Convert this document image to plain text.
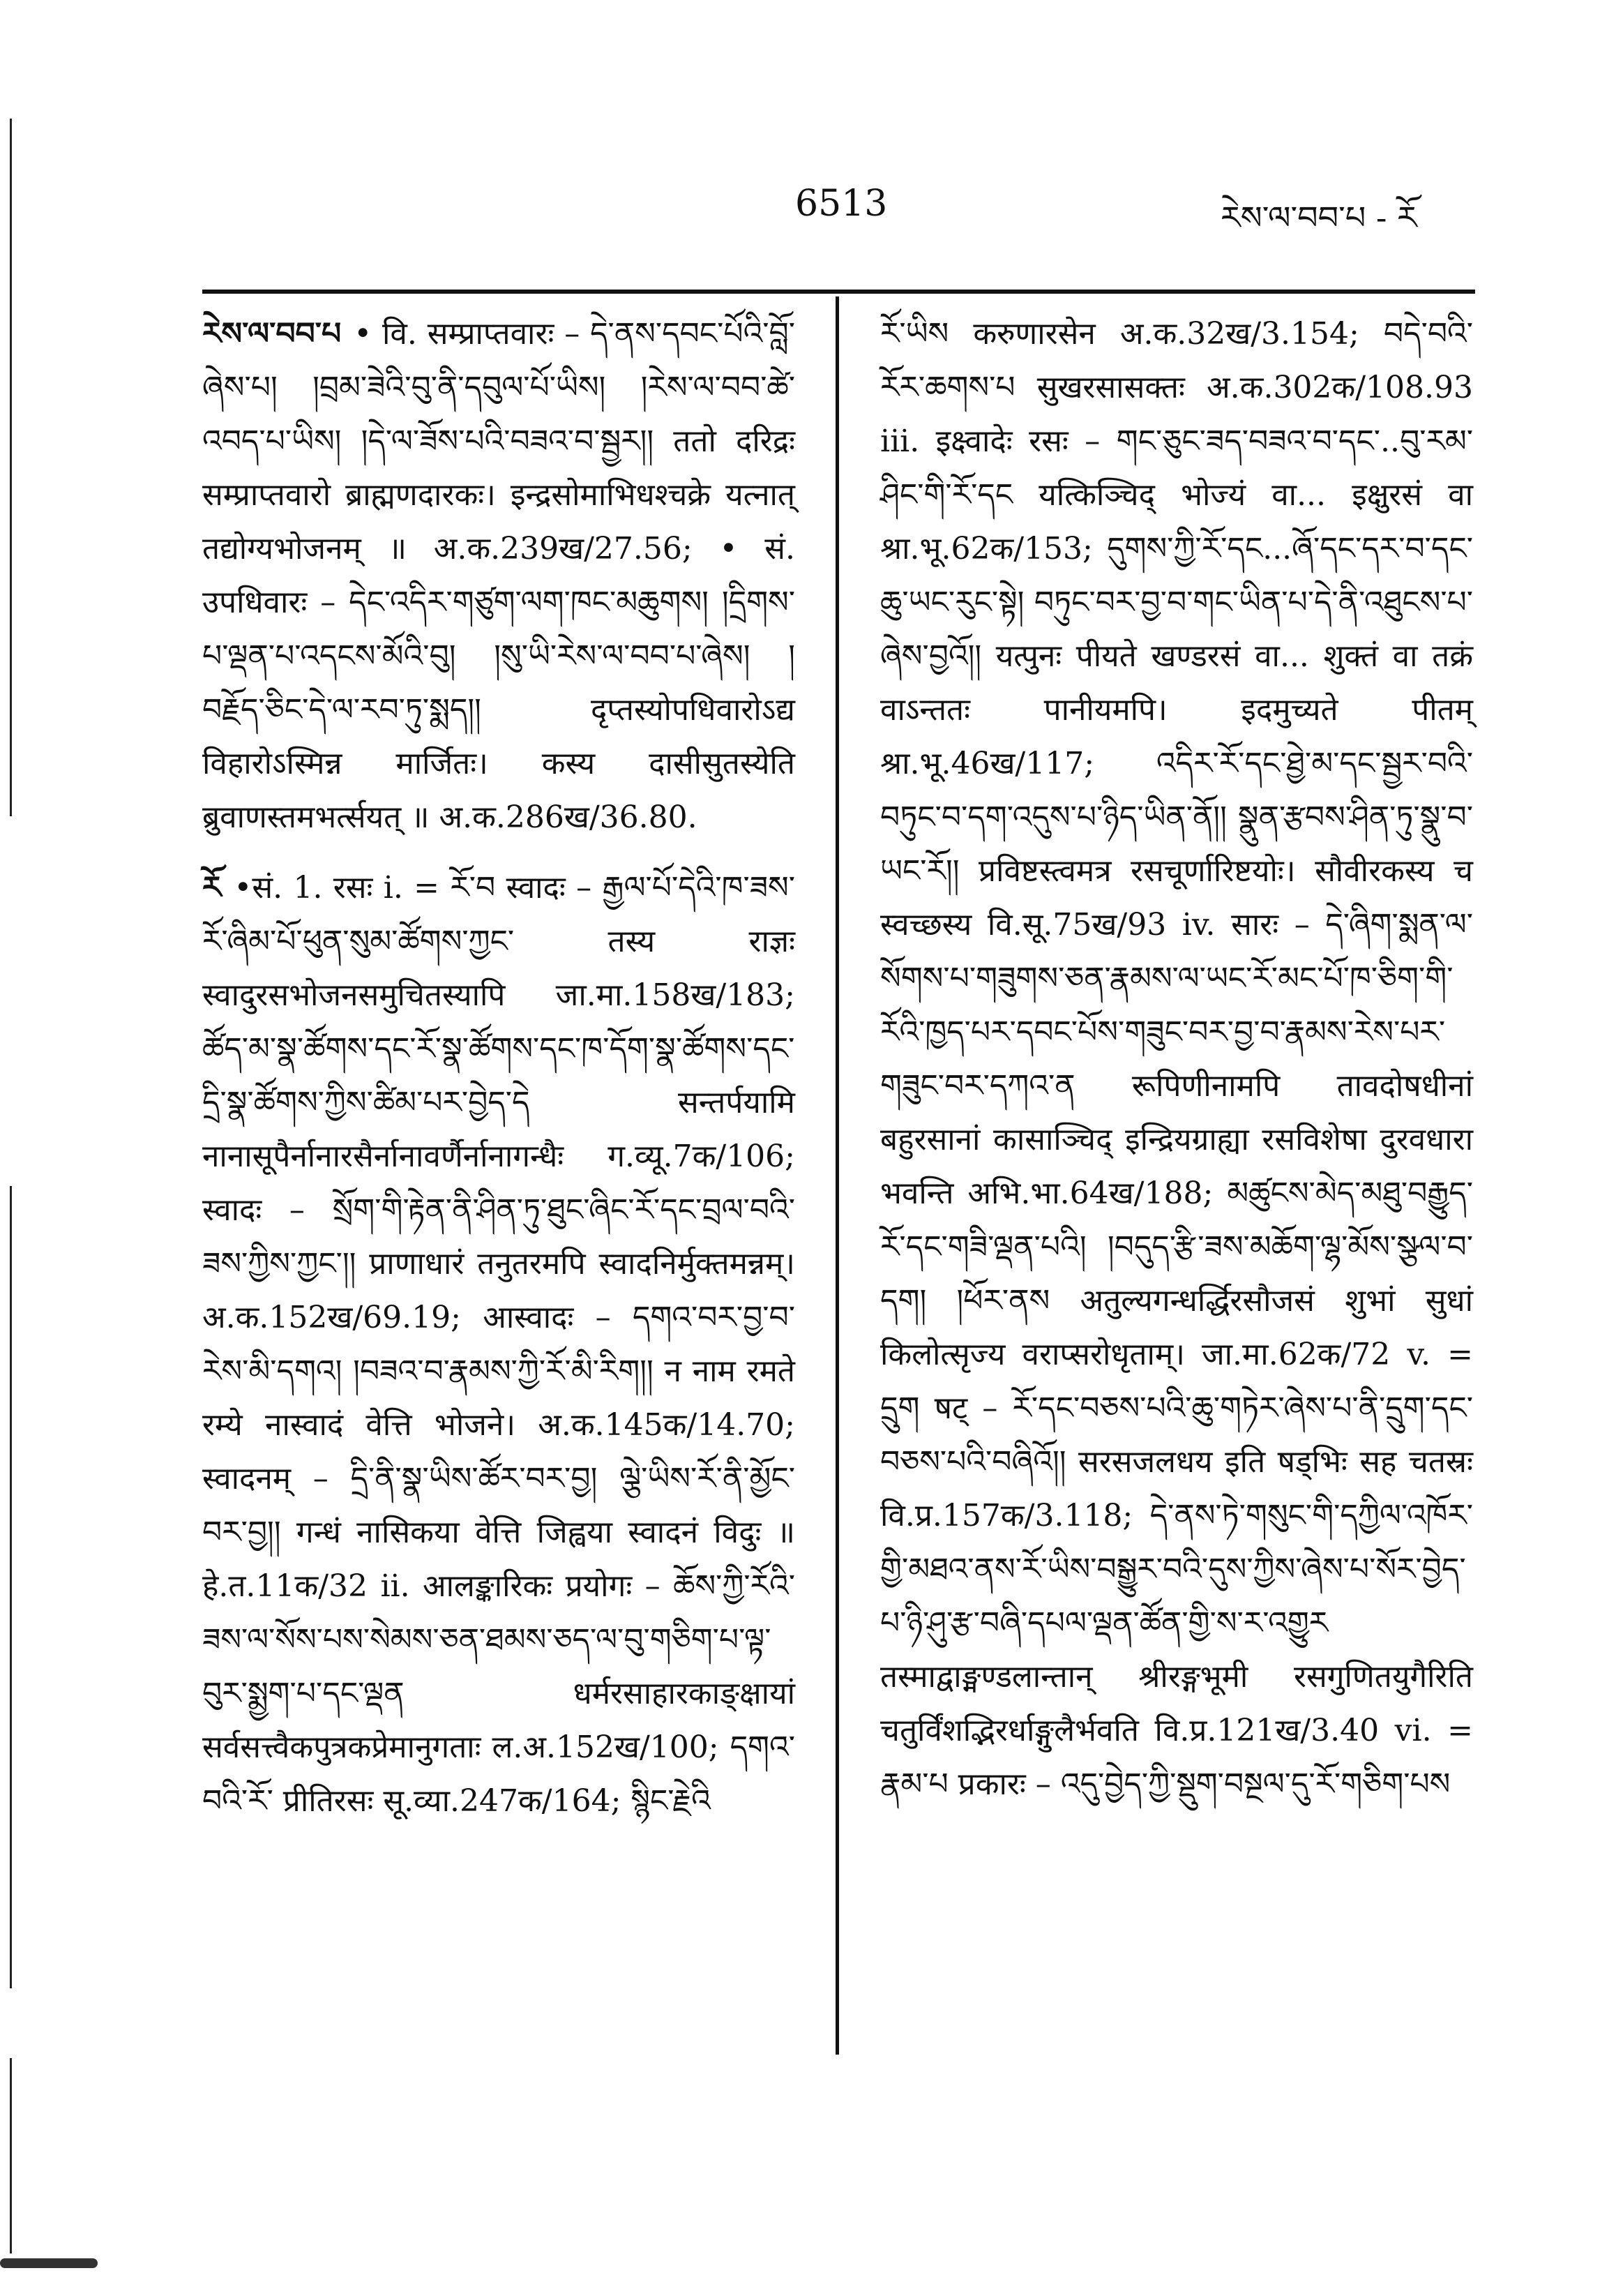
6513	རེས་ལ་བབ་པ - རོ

རེས་ལ་བབ་པ • वि. सम्प्राप्तवारः – དེ་ནས་དབང་པོའི་བློ་ཞེས་པ། །བྲམ་ཟེའི་བུ་ནི་དབུལ་པོ་ཡིས། །རེས་ལ་བབ་ཚེ་འབད་པ་ཡིས། །དེ་ལ་ཟོས་པའི་བཟའ་བ་སྦྱར།། ततो दरिद्रः सम्प्राप्तवारो ब्राह्मणदारकः। इन्द्रसोमाभिधश्चक्रे यत्नात् तद्योग्यभोजनम् ॥ अ.क.239ख/27.56; • सं. उपधिवारः – དེང་འདིར་གཙུག་ལག་ཁང་མཆུགས། །དྲིགས་པ་ལྡན་པ་འདངས་མོའི་བུ། །སུ་ཡི་རེས་ལ་བབ་པ་ཞེས། །བརྗོད་ཅིང་དེ་ལ་རབ་ཏུ་སྨད།། दृप्तस्योपधिवारोऽद्य विहारोऽस्मिन्न मार्जितः। कस्य दासीसुतस्येति ब्रुवाणस्तमभर्त्सयत् ॥ अ.क.286ख/36.80.

རོ •सं. 1. रसः i. = རོ་བ स्वादः – རྒྱལ་པོ་དེའི་ཁ་ཟས་རོ་ཞིམ་པོ་ཕུན་སུམ་ཚོགས་ཀྱང་ तस्य राज्ञः स्वादुरसभोजनसमुचितस्यापि जा.मा.158ख/183; ཚོད་མ་སྣ་ཚོགས་དང་རོ་སྣ་ཚོགས་དང་ཁ་དོག་སྣ་ཚོགས་དང་དྲི་སྣ་ཚོགས་ཀྱིས་ཚིམ་པར་བྱེད་དེ सन्तर्पयामि नानासूपैर्नानारसैर्नानावर्णैर्नानागन्धैः ग.व्यू.7क/106; स्वादः – སྲོག་གི་རྟེན་ནི་ཤིན་ཏུ་ཐུང་ཞིང་རོ་དང་བྲལ་བའི་ཟས་ཀྱིས་ཀྱང་།། प्राणाधारं तनुतरमपि स्वादनिर्मुक्तमन्नम्। अ.क.152ख/69.19; आस्वादः – དགའ་བར་བྱ་བ་རེས་མི་དགའ། །བཟའ་བ་རྣམས་ཀྱི་རོ་མི་རིག།། न नाम रमते रम्ये नास्वादं वेत्ति भोजने। अ.क.145क/14.70; स्वादनम् – དྲི་ནི་སྣ་ཡིས་ཚོར་བར་བྱ། ལྕེ་ཡིས་རོ་ནི་མྱོང་བར་བྱ།། गन्धं नासिकया वेत्ति जिह्वया स्वादनं विदुः ॥ हे.त.11क/32 ii. आलङ्कारिकः प्रयोगः – ཆོས་ཀྱི་རོའི་ཟས་ལ་སོས་པས་སེམས་ཅན་ཐམས་ཅད་ལ་བུ་གཅིག་པ་ལྟ་བུར་སྨྱག་པ་དང་ལྡན धर्मरसाहारकाङ्क्षायां सर्वसत्त्वैकपुत्रकप्रेमानुगताः ल.अ.152ख/100; དགའ་བའི་རོ་ प्रीतिरसः सू.व्या.247क/164; སྙིང་རྗེའི

རོ་ཡིས करुणारसेन अ.क.32ख/3.154; བདེ་བའི་རོར་ཆགས་པ सुखरसासक्तः अ.क.302क/108.93 iii. इक्ष्वादेः रसः – གང་ཅུང་ཟད་བཟའ་བ་དང་..བུ་རམ་ཤིང་གི་རོ་དང यत्किञ्चिद् भोज्यं वा... इक्षुरसं वा श्रा.भू.62क/153; དུགས་ཀྱི་རོ་དང...ཞོ་དང་དར་བ་དང་ཆུ་ཡང་རུང་སྟེ། བཏུང་བར་བྱ་བ་གང་ཡིན་པ་དེ་ནི་འཐུངས་པ་ཞེས་བྱའོ།། यत्पुनः पीयते खण्डरसं वा... शुक्तं वा तक्रं वाऽन्ततः पानीयमपि। इदमुच्यते पीतम् श्रा.भू.46ख/117; འདིར་རོ་དང་ཐྱེ་མ་དང་སྦྱར་བའི་བཏུང་བ་དག་འདུས་པ་ཉིད་ཡིན་ནོ།། སྣུན་རྩབས་ཤིན་ཏུ་སྣུ་བ་ཡང་རོ།། प्रविष्टस्त्वमत्र रसचूर्णारिष्टयोः। सौवीरकस्य च स्वच्छस्य वि.सू.75ख/93 iv. सारः – དེ་ཞིག་སྨན་ལ་སོགས་པ་གཟུགས་ཅན་རྣམས་ལ་ཡང་རོ་མང་པོ་ཁ་ཅིག་གི་རོའི་ཁྱད་པར་དབང་པོས་གཟུང་བར་བྱ་བ་རྣམས་རེས་པར་གཟུང་བར་དཀའ་ན रूपिणीनामपि तावदोषधीनां बहुरसानां कासाञ्चिद् इन्द्रियग्राह्या रसविशेषा दुरवधारा भवन्ति अभि.भा.64ख/188; མཚུངས་མེད་མཐུ་བརྒྱུད་རོ་དང་གཟི་ལྡན་པའི། །བདུད་རྩི་ཟས་མཆོག་ལྷ་མོས་སྩལ་བ་དག། །ཕོར་ནས अतुल्यगन्धर्द्धिरसौजसं शुभां सुधां किलोत्सृज्य वराप्सरोधृताम्। जा.मा.62क/72 v. = དྲུག षट् – རོ་དང་བཅས་པའི་ཆུ་གཏེར་ཞེས་པ་ནི་དྲུག་དང་བཅས་པའི་བཞིའོ།། सरसजलधय इति षड्भिः सह चतस्रः वि.प्र.157क/3.118; དེ་ནས་ཏེ་གསུང་གི་དཀྱིལ་འཁོར་གྱི་མཐའ་ནས་རོ་ཡིས་བསྒྱུར་བའི་དུས་ཀྱིས་ཞེས་པ་སོར་བྱེད་པ་ཉི་ཤུ་རྩ་བཞི་དཔལ་ལྡན་ཚོན་གྱི་ས་ར་འགྱུར तस्माद्वाङ्मण्डलान्तान् श्रीरङ्गभूमी रसगुणितयुगैरिति चतुर्विंशद्भिरर्धाङ्गुलैर्भवति वि.प्र.121ख/3.40 vi. = རྣམ་པ प्रकारः – འདུ་བྱེད་ཀྱི་སྡུག་བསྔལ་དུ་རོ་གཅིག་པས
